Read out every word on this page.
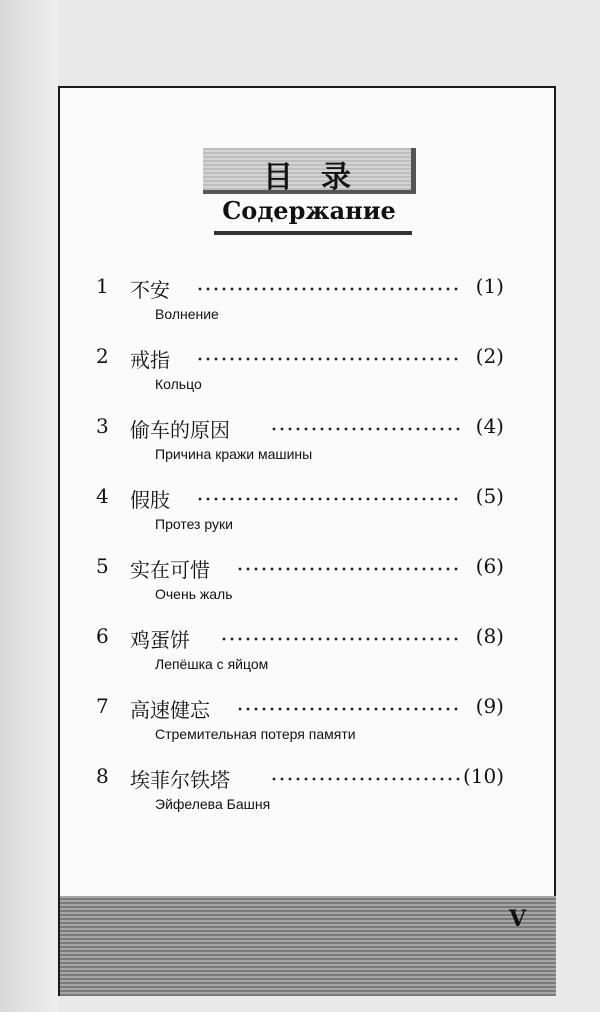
目录
Содержание
1	不安	(1)
Волнение
2	戒指	(2)
Кольцо
3	偷车的原因	(4)
Причина кражи машины
4	假肢	(5)
Протез руки
5	实在可惜	(6)
Очень жаль
6	鸡蛋饼	(8)
Лепёшка с яйцом
7	高速健忘	(9)
Стремительная потеря памяти
8	埃菲尔铁塔	(10)
Эйфелева Башня
V
